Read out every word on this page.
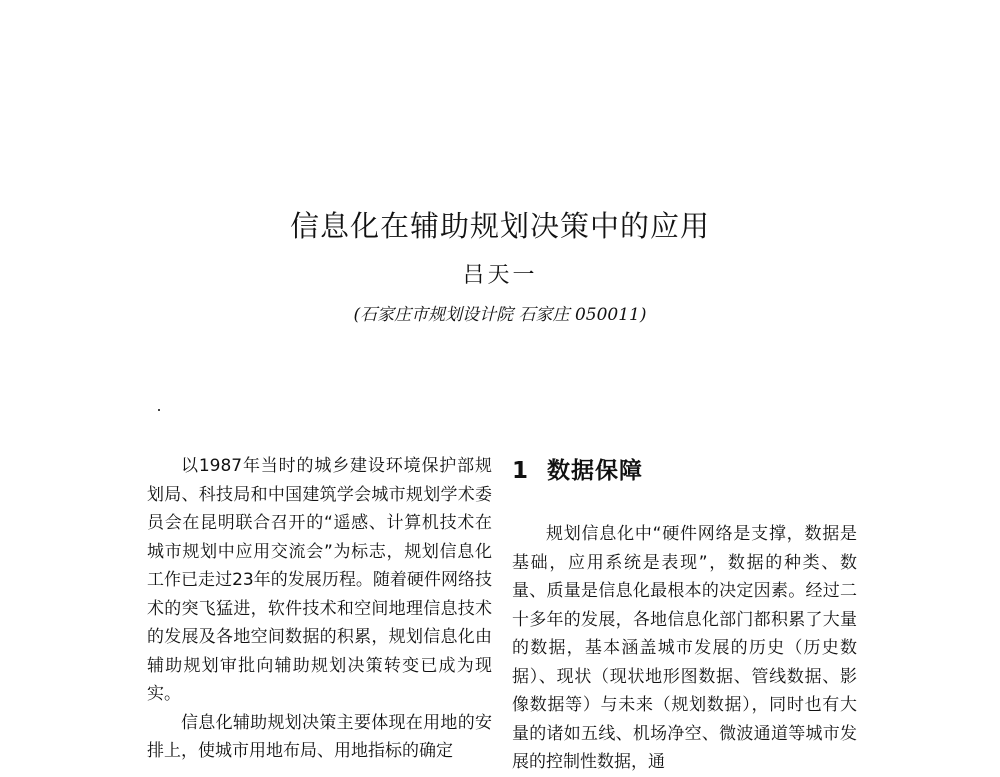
信息化在辅助规划决策中的应用
吕天一
(石家庄市规划设计院 石家庄 050011)

以1987年当时的城乡建设环境保护部规划局、科技局和中国建筑学会城市规划学术委员会在昆明联合召开的“遥感、计算机技术在城市规划中应用交流会”为标志，规划信息化工作已走过23年的发展历程。随着硬件网络技术的突飞猛进，软件技术和空间地理信息技术的发展及各地空间数据的积累，规划信息化由辅助规划审批向辅助规划决策转变已成为现实。

信息化辅助规划决策主要体现在用地的安排上，使城市用地布局、用地指标的确定

1 数据保障

规划信息化中“硬件网络是支撑，数据是基础，应用系统是表现”，数据的种类、数量、质量是信息化最根本的决定因素。经过二十多年的发展，各地信息化部门都积累了大量的数据，基本涵盖城市发展的历史（历史数据）、现状（现状地形图数据、管线数据、影像数据等）与未来（规划数据），同时也有大量的诸如五线、机场净空、微波通道等城市发展的控制性数据，通
